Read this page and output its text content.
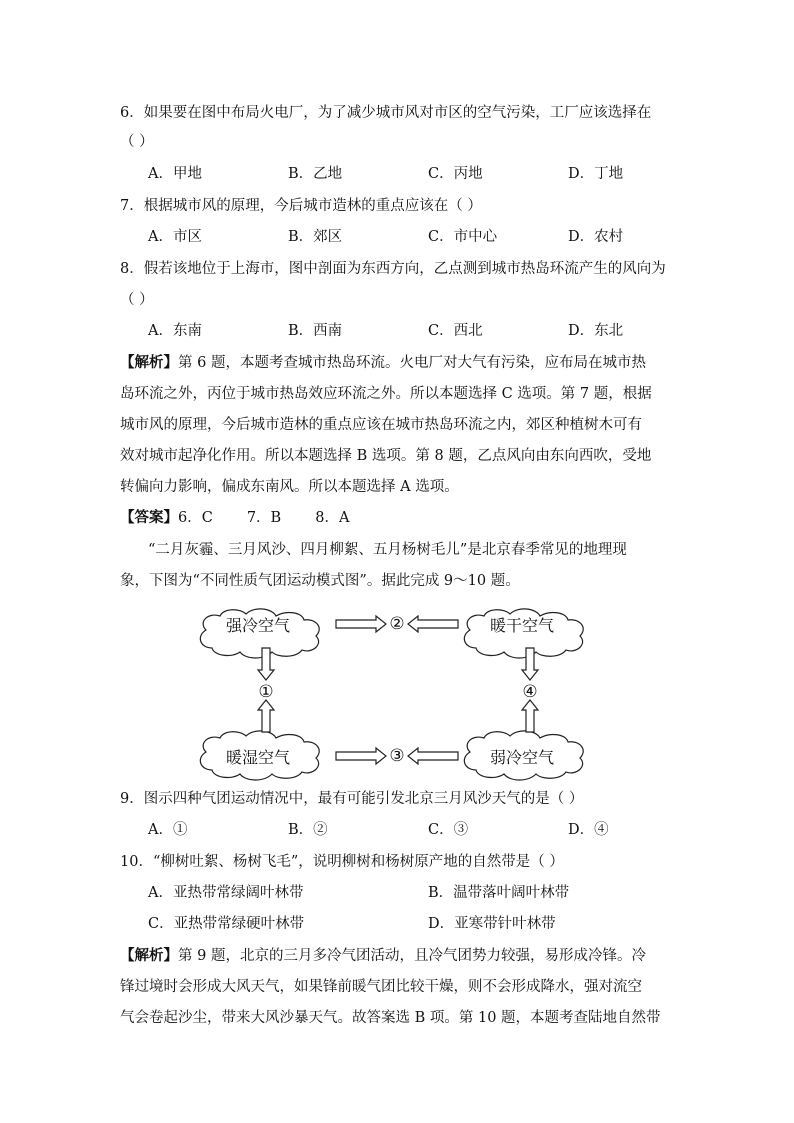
6．如果要在图中布局火电厂，为了减少城市风对市区的空气污染，工厂应该选择在
（ ）
A．甲地	B．乙地	C．丙地	D．丁地
7．根据城市风的原理，今后城市造林的重点应该在（ ）
A．市区	B．郊区	C．市中心	D．农村
8．假若该地位于上海市，图中剖面为东西方向，乙点测到城市热岛环流产生的风向为
（ ）
A．东南	B．西南	C．西北	D．东北
【解析】第 6 题，本题考查城市热岛环流。火电厂对大气有污染，应布局在城市热
岛环流之外，丙位于城市热岛效应环流之外。所以本题选择 C 选项。第 7 题，根据
城市风的原理，今后城市造林的重点应该在城市热岛环流之内，郊区种植树木可有
效对城市起净化作用。所以本题选择 B 选项。第 8 题，乙点风向由东向西吹，受地
转偏向力影响，偏成东南风。所以本题选择 A 选项。
【答案】6．C 7．B 8．A
“二月灰霾、三月风沙、四月柳絮、五月杨树毛儿”是北京春季常见的地理现
象，下图为“不同性质气团运动模式图”。据此完成 9～10 题。
强冷空气	暖干空气
暖湿空气	弱冷空气
②
③
①	④
9．图示四种气团运动情况中，最有可能引发北京三月风沙天气的是（ ）
A．①	B．②	C．③	D．④
10．“柳树吐絮、杨树飞毛”，说明柳树和杨树原产地的自然带是（ ）
A．亚热带常绿阔叶林带	B．温带落叶阔叶林带
C．亚热带常绿硬叶林带	D．亚寒带针叶林带
【解析】第 9 题，北京的三月多冷气团活动，且冷气团势力较强，易形成冷锋。冷
锋过境时会形成大风天气，如果锋前暖气团比较干燥，则不会形成降水，强对流空
气会卷起沙尘，带来大风沙暴天气。故答案选 B 项。第 10 题，本题考查陆地自然带
